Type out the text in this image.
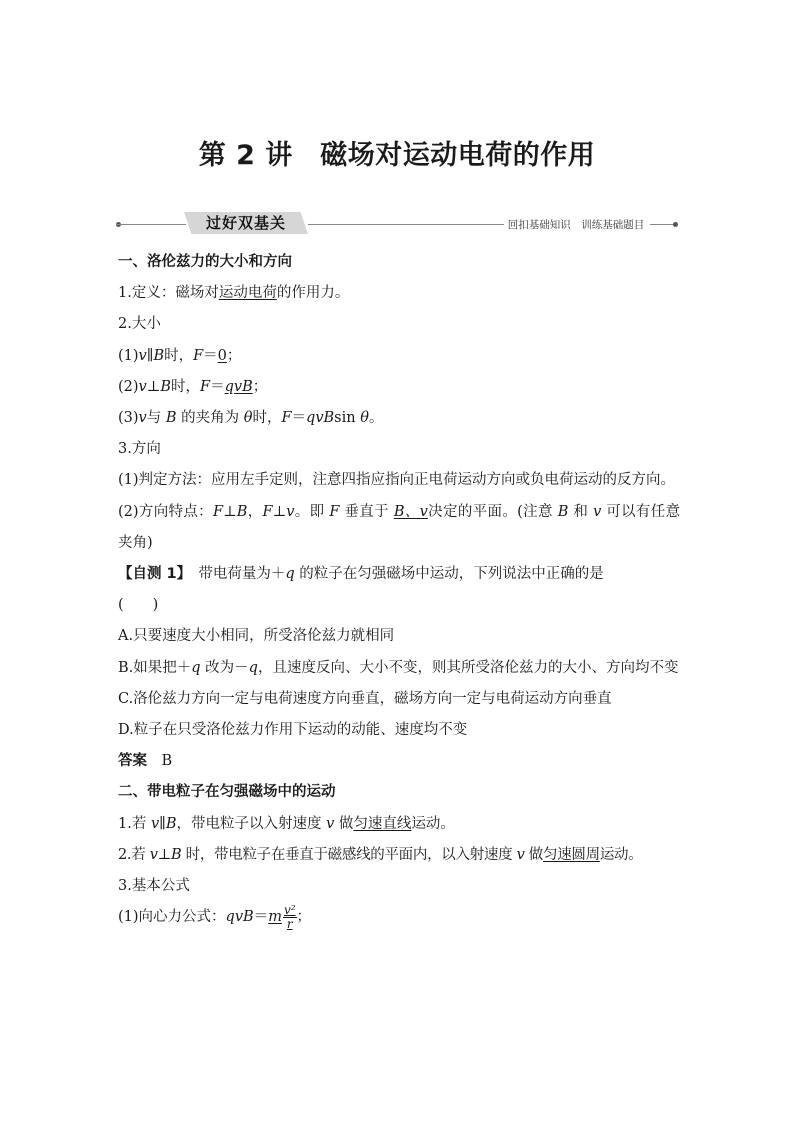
第 2 讲　磁场对运动电荷的作用
过好双基关	回扣基础知识　训练基础题目

一、洛伦兹力的大小和方向

1.定义：磁场对运动电荷的作用力。

2.大小

(1)v∥B时，F＝0；

(2)v⊥B时，F＝qvB；

(3)v与 B 的夹角为 θ时，F＝qvBsin θ。

3.方向

(1)判定方法：应用左手定则，注意四指应指向正电荷运动方向或负电荷运动的反方向。

(2)方向特点：F⊥B，F⊥v。即 F 垂直于 B、v决定的平面。(注意 B 和 v 可以有任意夹角)

【自测 1】　带电荷量为＋q 的粒子在匀强磁场中运动，下列说法中正确的是
(　　)

A.只要速度大小相同，所受洛伦兹力就相同

B.如果把＋q 改为－q，且速度反向、大小不变，则其所受洛伦兹力的大小、方向均不变

C.洛伦兹力方向一定与电荷速度方向垂直，磁场方向一定与电荷运动方向垂直

D.粒子在只受洛伦兹力作用下运动的动能、速度均不变

答案　B

二、带电粒子在匀强磁场中的运动

1.若 v∥B，带电粒子以入射速度 v 做匀速直线运动。

2.若 v⊥B 时，带电粒子在垂直于磁感线的平面内，以入射速度 v 做匀速圆周运动。

3.基本公式

(1)向心力公式：$qvB=m \frac{\text{v²}}{r}$ ；
